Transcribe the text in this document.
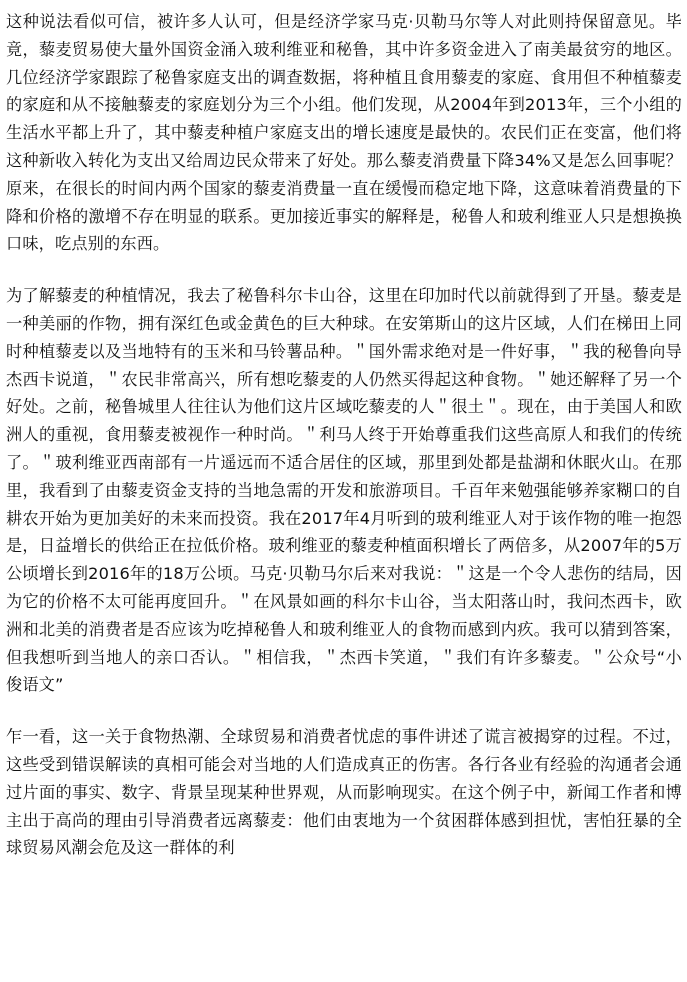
这种说法看似可信，被许多人认可，但是经济学家马克·贝勒马尔等人对此则持保留意见。毕竟，藜麦贸易使大量外国资金涌入玻利维亚和秘鲁，其中许多资金进入了南美最贫穷的地区。几位经济学家跟踪了秘鲁家庭支出的调查数据，将种植且食用藜麦的家庭、食用但不种植藜麦的家庭和从不接触藜麦的家庭划分为三个小组。他们发现，从2004年到2013年，三个小组的生活水平都上升了，其中藜麦种植户家庭支出的增长速度是最快的。农民们正在变富，他们将这种新收入转化为支出又给周边民众带来了好处。那么藜麦消费量下降34%又是怎么回事呢？原来，在很长的时间内两个国家的藜麦消费量一直在缓慢而稳定地下降，这意味着消费量的下降和价格的激增不存在明显的联系。更加接近事实的解释是，秘鲁人和玻利维亚人只是想换换口味，吃点别的东西。

为了解藜麦的种植情况，我去了秘鲁科尔卡山谷，这里在印加时代以前就得到了开垦。藜麦是一种美丽的作物，拥有深红色或金黄色的巨大种球。在安第斯山的这片区域，人们在梯田上同时种植藜麦以及当地特有的玉米和马铃薯品种。＂国外需求绝对是一件好事，＂我的秘鲁向导杰西卡说道，＂农民非常高兴，所有想吃藜麦的人仍然买得起这种食物。＂她还解释了另一个好处。之前，秘鲁城里人往往认为他们这片区域吃藜麦的人＂很土＂。现在，由于美国人和欧洲人的重视，食用藜麦被视作一种时尚。＂利马人终于开始尊重我们这些高原人和我们的传统了。＂玻利维亚西南部有一片遥远而不适合居住的区域，那里到处都是盐湖和休眠火山。在那里，我看到了由藜麦资金支持的当地急需的开发和旅游项目。千百年来勉强能够养家糊口的自耕农开始为更加美好的未来而投资。我在2017年4月听到的玻利维亚人对于该作物的唯一抱怨是，日益增长的供给正在拉低价格。玻利维亚的藜麦种植面积增长了两倍多，从2007年的5万公顷增长到2016年的18万公顷。马克·贝勒马尔后来对我说：＂这是一个令人悲伤的结局，因为它的价格不太可能再度回升。＂在风景如画的科尔卡山谷，当太阳落山时，我问杰西卡，欧洲和北美的消费者是否应该为吃掉秘鲁人和玻利维亚人的食物而感到内疚。我可以猜到答案，但我想听到当地人的亲口否认。＂相信我，＂杰西卡笑道，＂我们有许多藜麦。＂公众号“小俊语文”

乍一看，这一关于食物热潮、全球贸易和消费者忧虑的事件讲述了谎言被揭穿的过程。不过，这些受到错误解读的真相可能会对当地的人们造成真正的伤害。各行各业有经验的沟通者会通过片面的事实、数字、背景呈现某种世界观，从而影响现实。在这个例子中，新闻工作者和博主出于高尚的理由引导消费者远离藜麦：他们由衷地为一个贫困群体感到担忧，害怕狂暴的全球贸易风潮会危及这一群体的利
